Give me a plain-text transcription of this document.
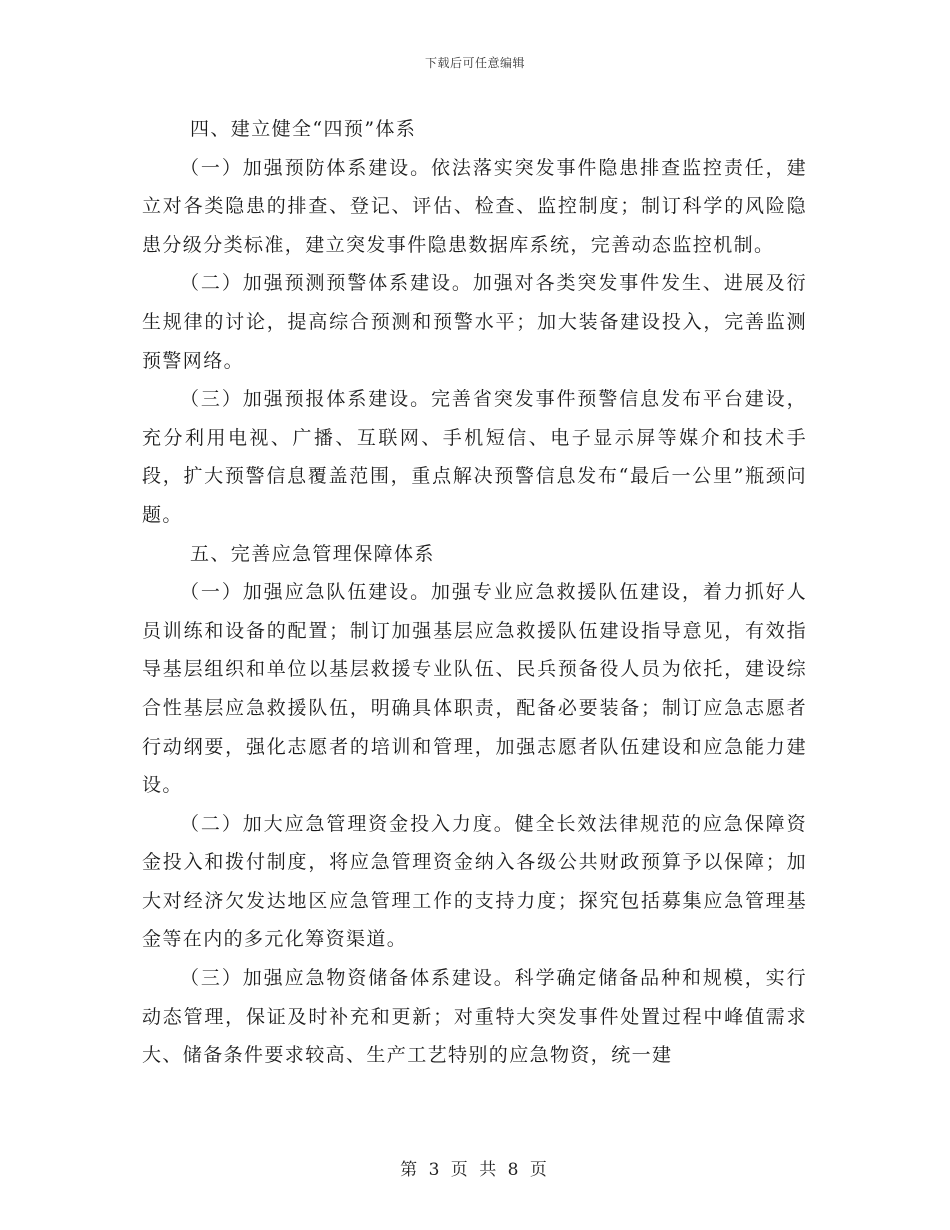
下载后可任意编辑

四、建立健全“四预”体系

（一）加强预防体系建设。依法落实突发事件隐患排查监控责任，建立对各类隐患的排查、登记、评估、检查、监控制度；制订科学的风险隐患分级分类标准，建立突发事件隐患数据库系统，完善动态监控机制。

（二）加强预测预警体系建设。加强对各类突发事件发生、进展及衍生规律的讨论，提高综合预测和预警水平；加大装备建设投入，完善监测预警网络。

（三）加强预报体系建设。完善省突发事件预警信息发布平台建设，充分利用电视、广播、互联网、手机短信、电子显示屏等媒介和技术手段，扩大预警信息覆盖范围，重点解决预警信息发布“最后一公里”瓶颈问题。

五、完善应急管理保障体系

（一）加强应急队伍建设。加强专业应急救援队伍建设，着力抓好人员训练和设备的配置；制订加强基层应急救援队伍建设指导意见，有效指导基层组织和单位以基层救援专业队伍、民兵预备役人员为依托，建设综合性基层应急救援队伍，明确具体职责，配备必要装备；制订应急志愿者行动纲要，强化志愿者的培训和管理，加强志愿者队伍建设和应急能力建设。

（二）加大应急管理资金投入力度。健全长效法律规范的应急保障资金投入和拨付制度，将应急管理资金纳入各级公共财政预算予以保障；加大对经济欠发达地区应急管理工作的支持力度；探究包括募集应急管理基金等在内的多元化筹资渠道。

（三）加强应急物资储备体系建设。科学确定储备品种和规模，实行动态管理，保证及时补充和更新；对重特大突发事件处置过程中峰值需求大、储备条件要求较高、生产工艺特别的应急物资，统一建

第 3 页 共 8 页
